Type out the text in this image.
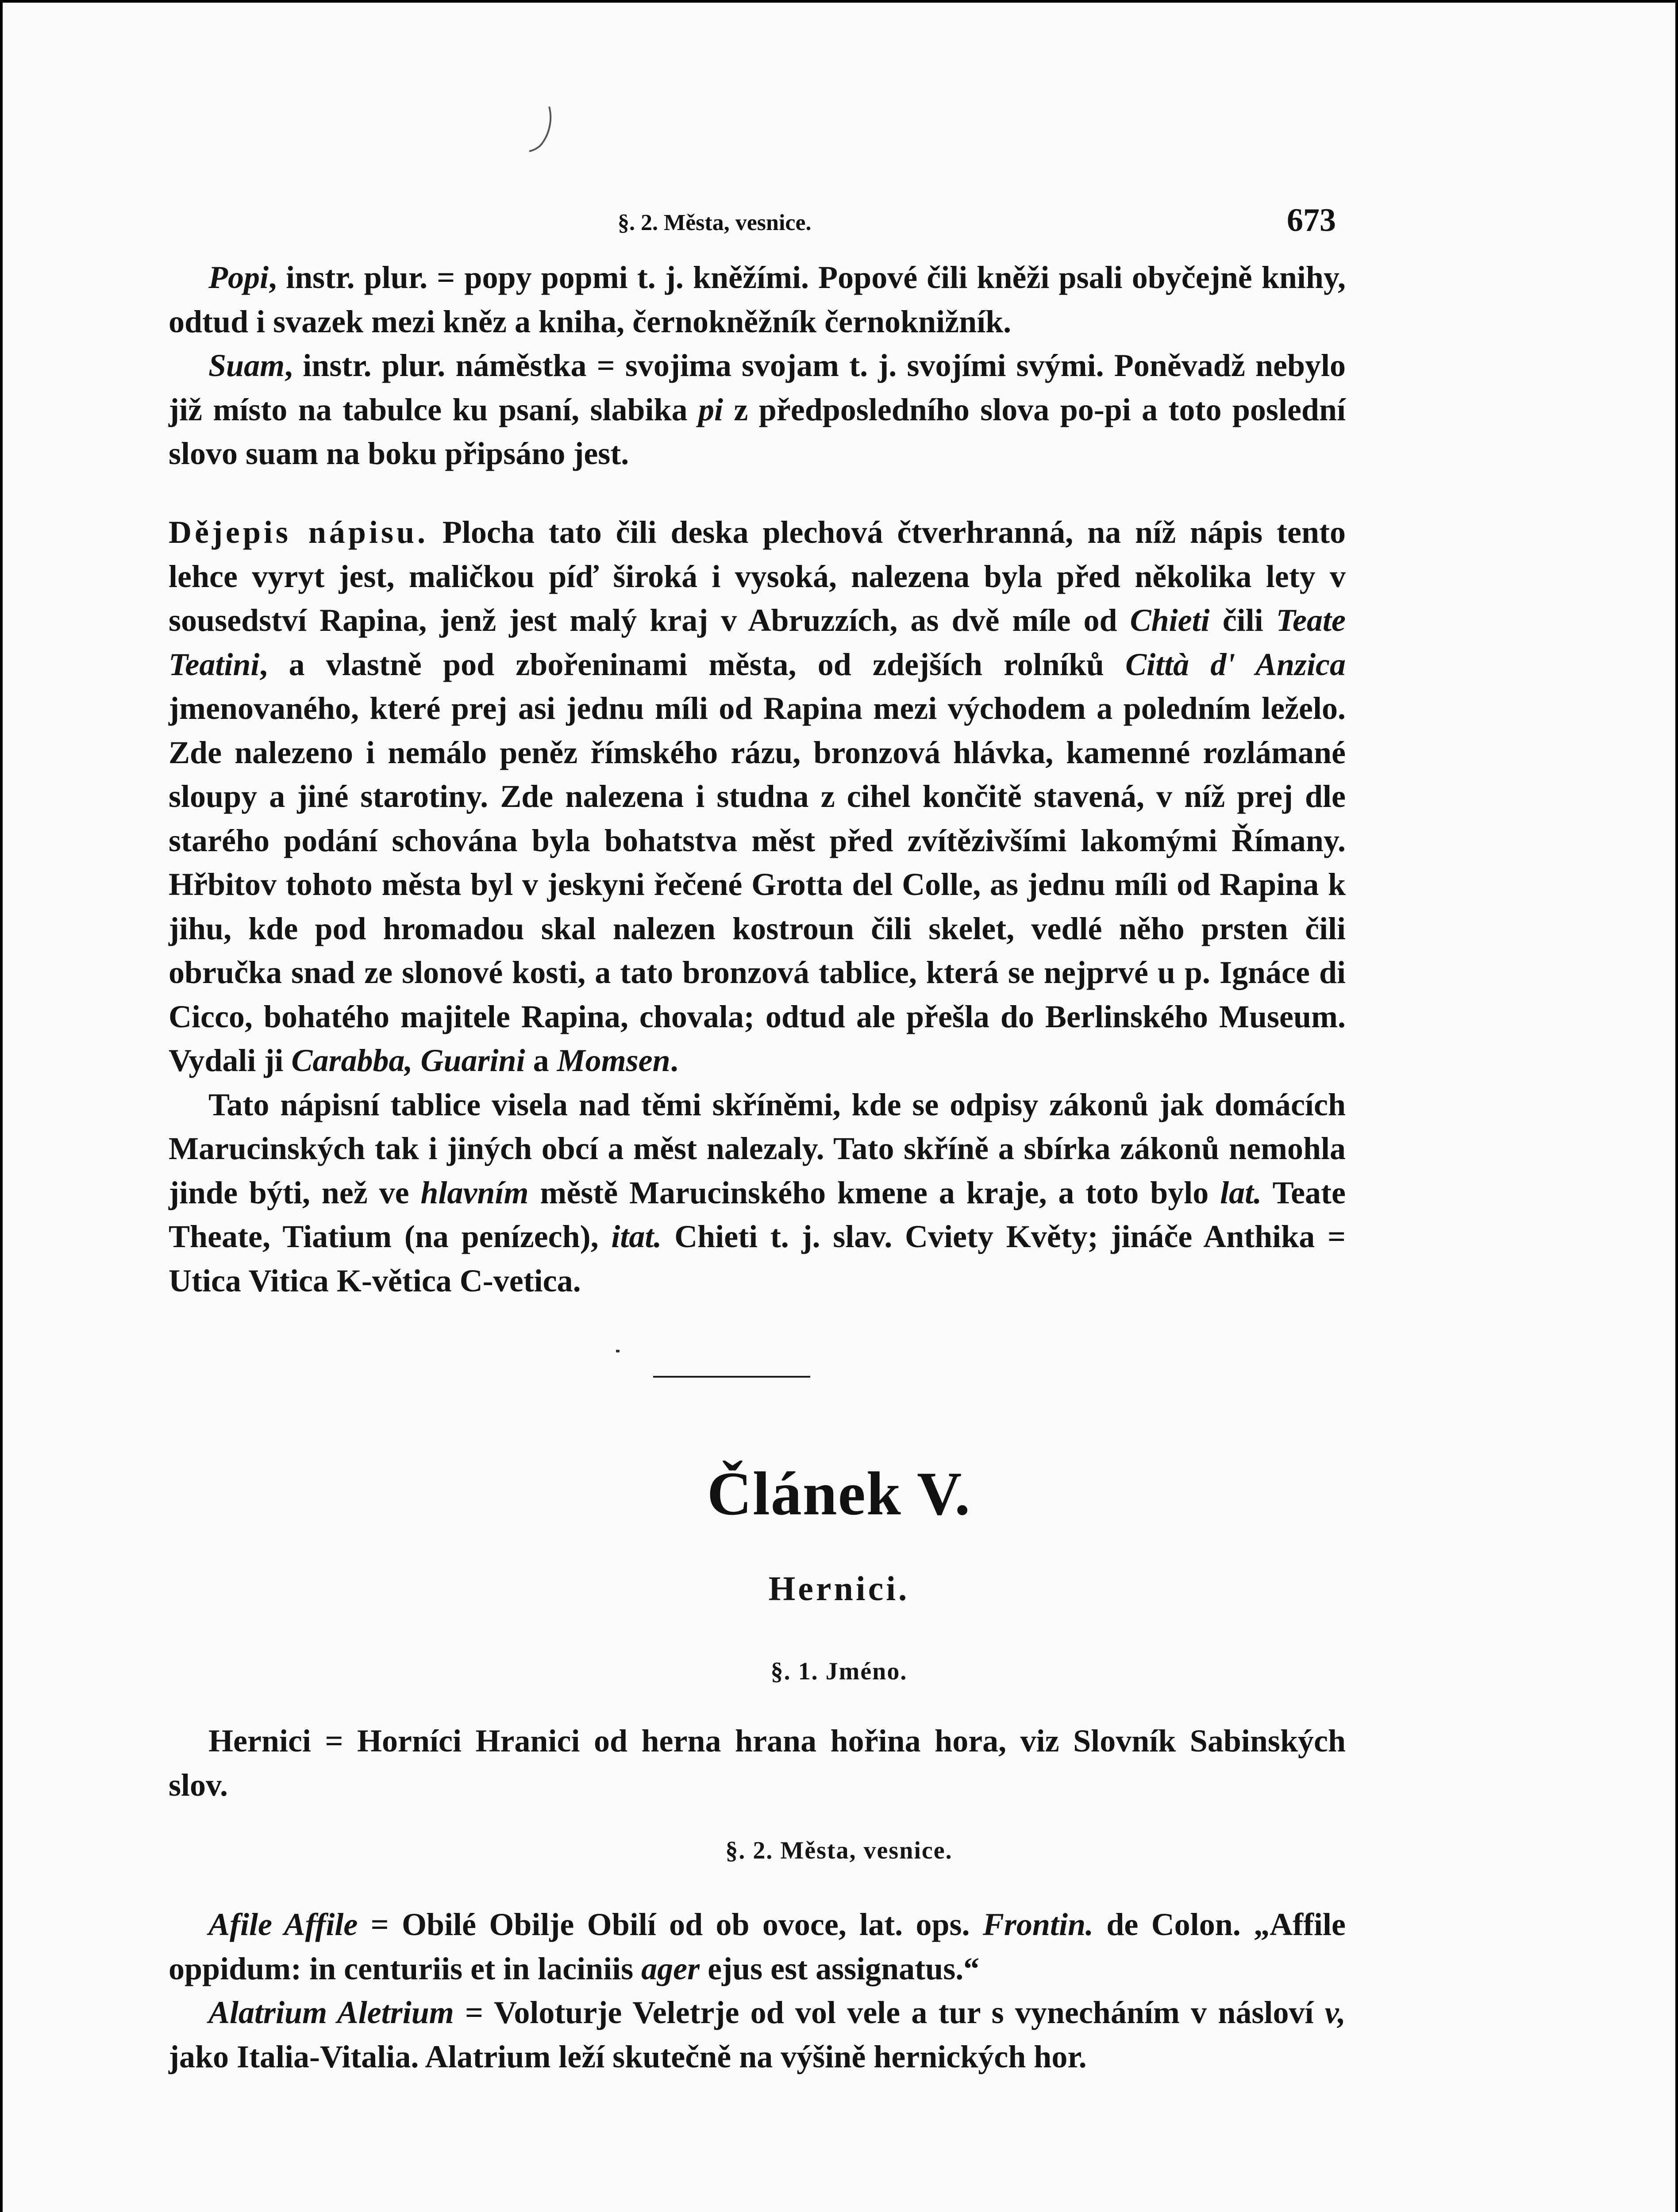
§. 2. Města, vesnice.	673

Popi, instr. plur. = popy popmi t. j. kněžími. Popové čili kněži psali obyčejně knihy, odtud i svazek mezi kněz a kniha, černokněžník černoknižník.

Suam, instr. plur. náměstka = svojima svojam t. j. svojími svými. Poněvadž nebylo již místo na tabulce ku psaní, slabika pi z předposledního slova po-pi a toto poslední slovo suam na boku připsáno jest.

Dějepis nápisu. Plocha tato čili deska plechová čtverhranná, na níž nápis tento lehce vyryt jest, maličkou píď široká i vysoká, nalezena byla před několika lety v sousedství Rapina, jenž jest malý kraj v Abruzzích, as dvě míle od Chieti čili Teate Teatini, a vlastně pod zbořeninami města, od zdejších rolníků Città d' Anzica jmenovaného, které prej asi jednu míli od Rapina mezi východem a poledním leželo. Zde nalezeno i nemálo peněz římského rázu, bronzová hlávka, kamenné rozlámané sloupy a jiné starotiny. Zde nalezena i studna z cihel končitě stavená, v níž prej dle starého podání schována byla bohatstva měst před zvítězivšími lakomými Římany. Hřbitov tohoto města byl v jeskyni řečené Grotta del Colle, as jednu míli od Rapina k jihu, kde pod hromadou skal nalezen kostroun čili skelet, vedlé něho prsten čili obručka snad ze slonové kosti, a tato bronzová tablice, která se nejprvé u p. Ignáce di Cicco, bohatého majitele Rapina, chovala; odtud ale přešla do Berlinského Museum. Vydali ji Carabba, Guarini a Momsen.

Tato nápisní tablice visela nad těmi skříněmi, kde se odpisy zákonů jak domácích Marucinských tak i jiných obcí a měst nalezaly. Tato skříně a sbírka zákonů nemohla jinde býti, než ve hlavním městě Marucinského kmene a kraje, a toto bylo lat. Teate Theate, Tiatium (na penízech), itat. Chieti t. j. slav. Cviety Květy; jináče Anthika = Utica Vitica K-větica C-vetica.

Článek V.
Hernici.
§. 1. Jméno.

Hernici = Horníci Hranici od herna hrana hořina hora, viz Slovník Sabinských slov.

§. 2. Města, vesnice.

Afile Affile = Obilé Obilje Obilí od ob ovoce, lat. ops. Frontin. de Colon. „Affile oppidum: in centuriis et in laciniis ager ejus est assignatus.“

Alatrium Aletrium = Voloturje Veletrje od vol vele a tur s vynecháním v násloví v, jako Italia-Vitalia. Alatrium leží skutečně na výšině hernických hor.
